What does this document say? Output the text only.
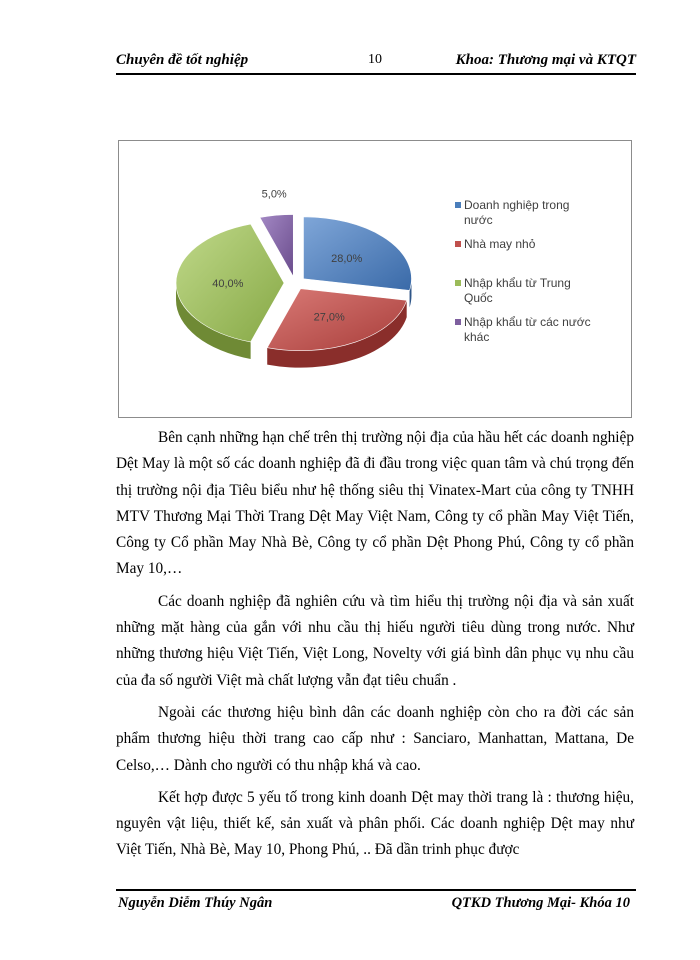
Chuyên đề tốt nghiệp	10	Khoa: Thương mại và KTQT
28,0%
27,0%
40,0%
5,0%
Doanh nghiệp trong nước
Nhà may nhỏ
Nhập khẩu từ Trung Quốc
Nhập khẩu từ các nước khác

Bên cạnh những hạn chế trên thị trường nội địa của hầu hết các doanh nghiệp Dệt May là một số các doanh nghiệp đã đi đầu trong việc quan tâm và chú trọng đến thị trường nội địa Tiêu biểu như hệ thống siêu thị Vinatex-Mart của công ty TNHH MTV Thương Mại Thời Trang Dệt May Việt Nam, Công ty cổ phần May Việt Tiến, Công ty Cổ phần May Nhà Bè, Công ty cổ phần Dệt Phong Phú, Công ty cổ phần May 10,…

Các doanh nghiệp đã nghiên cứu và tìm hiểu thị trường nội địa và sản xuất những mặt hàng của gắn với nhu cầu thị hiếu người tiêu dùng trong nước. Như những thương hiệu Việt Tiến, Việt Long, Novelty với giá bình dân phục vụ nhu cầu của đa số người Việt mà chất lượng vẫn đạt tiêu chuẩn .

Ngoài các thương hiệu bình dân các doanh nghiệp còn cho ra đời các sản phẩm thương hiệu thời trang cao cấp như : Sanciaro, Manhattan, Mattana, De Celso,… Dành cho người có thu nhập khá và cao.

Kết hợp được 5 yếu tố trong kinh doanh Dệt may thời trang là : thương hiệu, nguyên vật liệu, thiết kế, sản xuất và phân phối. Các doanh nghiệp Dệt may như Việt Tiến, Nhà Bè, May 10, Phong Phú, .. Đã dần trinh phục được

Nguyễn Diễm Thúy Ngân	QTKD Thương Mại- Khóa 10
